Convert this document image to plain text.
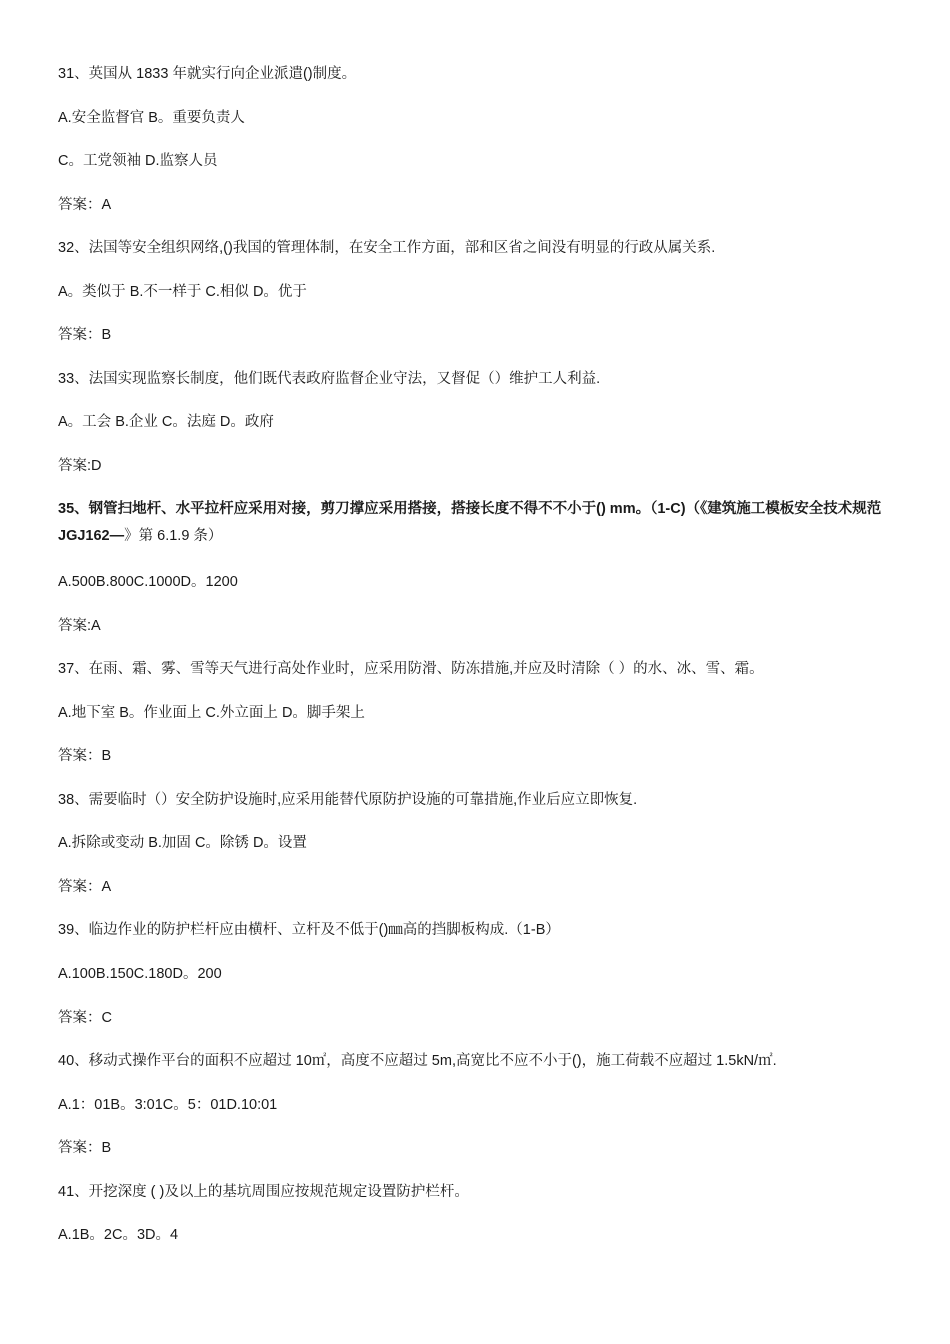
31、英国从 1833 年就实行向企业派遣()制度。
A.安全监督官 B。重要负责人
C。工党领袖 D.监察人员
答案：A
32、法国等安全组织网络,()我国的管理体制，在安全工作方面，部和区省之间没有明显的行政从属关系.
A。类似于 B.不一样于 C.相似 D。优于
答案：B
33、法国实现监察长制度，他们既代表政府监督企业守法，又督促（）维护工人利益.
A。工会 B.企业 C。法庭 D。政府
答案:D
35、钢管扫地杆、水平拉杆应采用对接，剪刀撑应采用搭接，搭接长度不得不不小于() mm。（1-C)（《建筑施工模板安全技术规范 JGJ162—》第 6.1.9 条）
A.500B.800C.1000D。1200
答案:A
37、在雨、霜、雾、雪等天气进行高处作业时，应采用防滑、防冻措施,并应及时清除（ ）的水、冰、雪、霜。
A.地下室 B。作业面上 C.外立面上 D。脚手架上
答案：B
38、需要临时（）安全防护设施时,应采用能替代原防护设施的可靠措施,作业后应立即恢复.
A.拆除或变动 B.加固 C。除锈 D。设置
答案：A
39、临边作业的防护栏杆应由横杆、立杆及不低于()㎜高的挡脚板构成.（1-B）
A.100B.150C.180D。200
答案：C
40、移动式操作平台的面积不应超过 10㎡，高度不应超过 5m,高宽比不应不小于()，施工荷载不应超过 1.5kN/㎡.
A.1：01B。3:01C。5：01D.10:01
答案：B
41、开挖深度 ( )及以上的基坑周围应按规范规定设置防护栏杆。
A.1B。2C。3D。4
